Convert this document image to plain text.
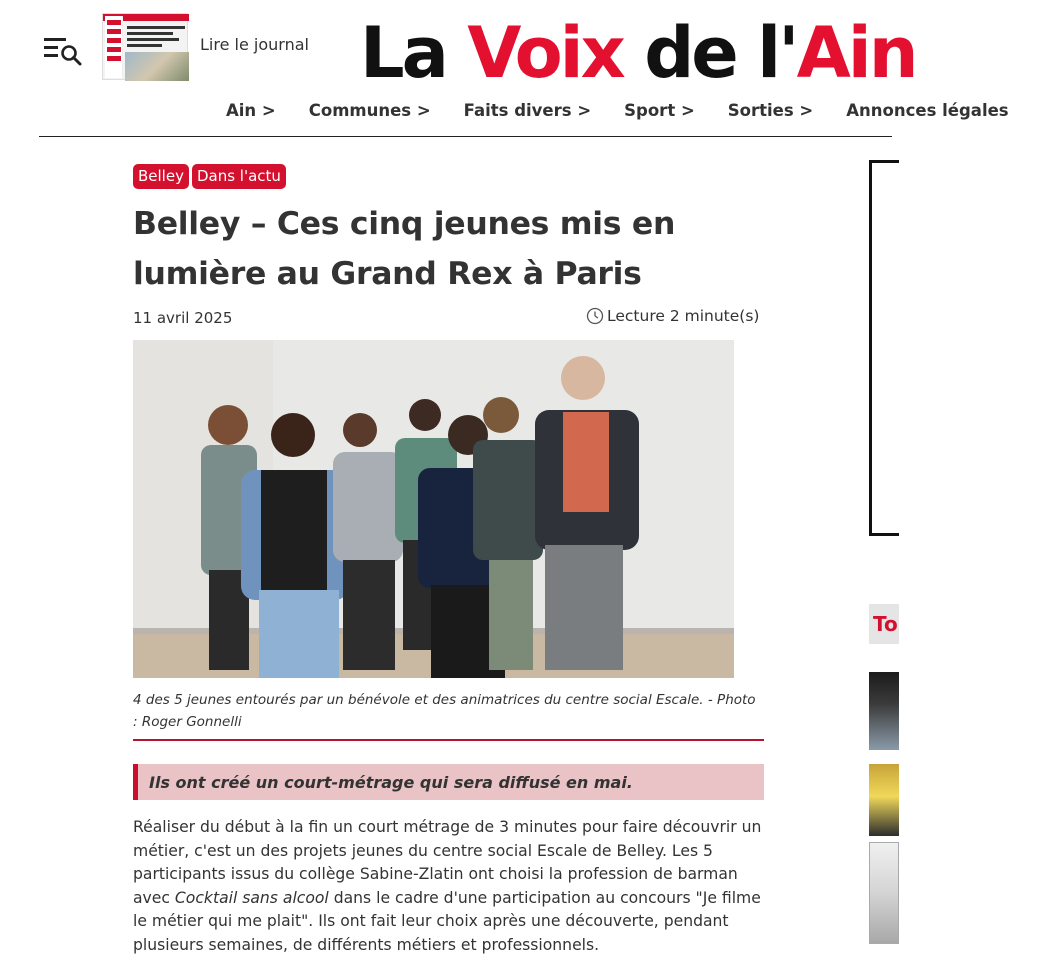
Lire le journal La Voix de l'Ain
Ain > Communes > Faits divers > Sport > Sorties > Annonces légales
Belley Dans l'actu
Belley – Ces cinq jeunes mis en lumière au Grand Rex à Paris
11 avril 2025	Lecture 2 minute(s)
4 des 5 jeunes entourés par un bénévole et des animatrices du centre social Escale. - Photo : Roger Gonnelli
Ils ont créé un court-métrage qui sera diffusé en mai.

Réaliser du début à la fin un court métrage de 3 minutes pour faire découvrir un métier, c'est un des projets jeunes du centre social Escale de Belley. Les 5 participants issus du collège Sabine-Zlatin ont choisi la profession de barman avec Cocktail sans alcool dans le cadre d'une participation au concours "Je filme le métier qui me plait". Ils ont fait leur choix après une découverte, pendant plusieurs semaines, de différents métiers et professionnels.

To
